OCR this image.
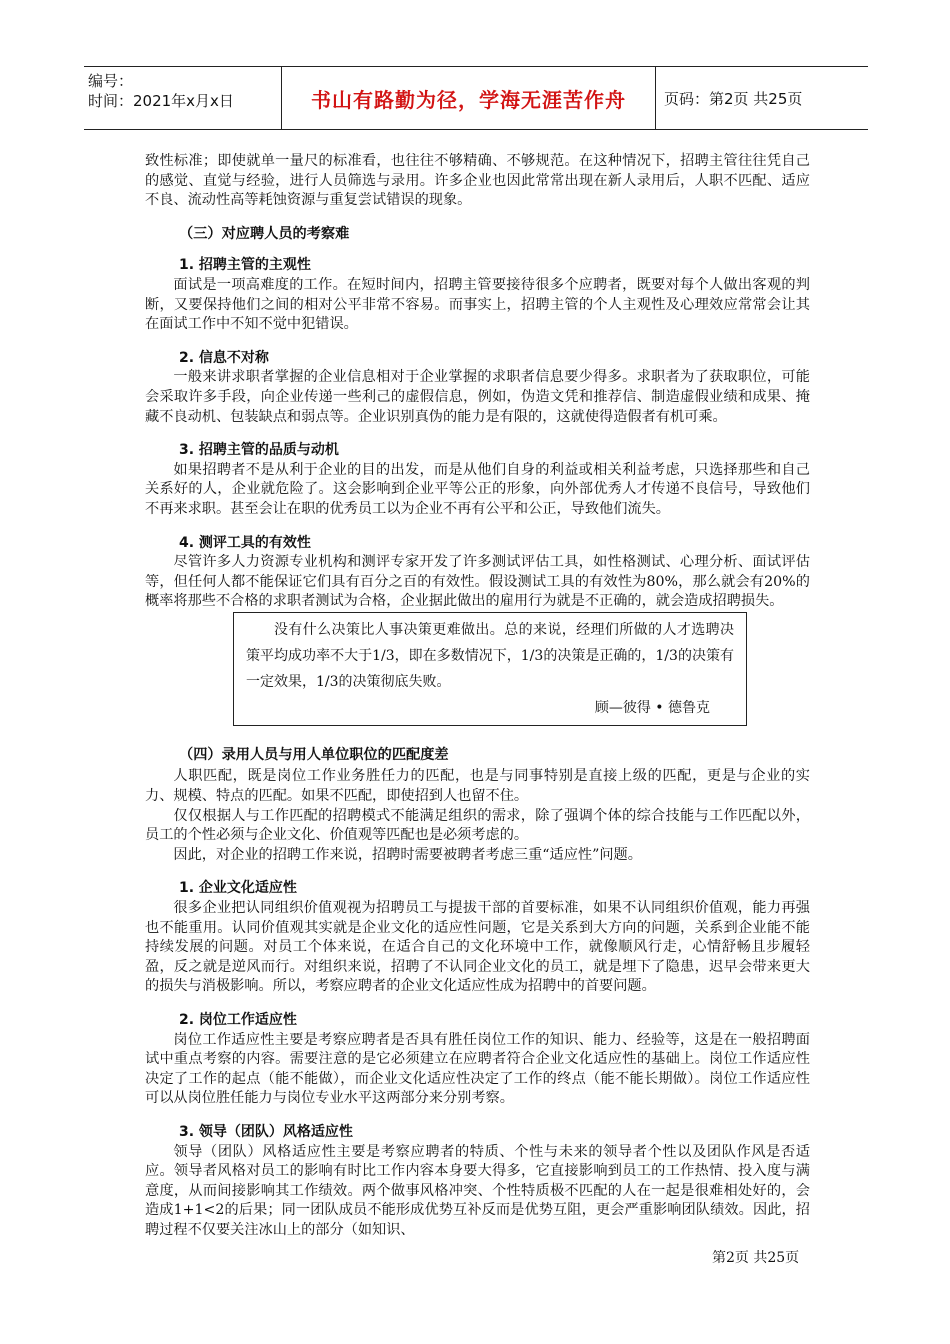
编号：
时间：2021年x月x日	书山有路勤为径，学海无涯苦作舟	页码：第2页 共25页

致性标准；即使就单一量尺的标准看，也往往不够精确、不够规范。在这种情况下，招聘主管往往凭自己的感觉、直觉与经验，进行人员筛选与录用。许多企业也因此常常出现在新人录用后，人职不匹配、适应不良、流动性高等耗蚀资源与重复尝试错误的现象。

（三）对应聘人员的考察难
1. 招聘主管的主观性

面试是一项高难度的工作。在短时间内，招聘主管要接待很多个应聘者，既要对每个人做出客观的判断，又要保持他们之间的相对公平非常不容易。而事实上，招聘主管的个人主观性及心理效应常常会让其在面试工作中不知不觉中犯错误。

2. 信息不对称

一般来讲求职者掌握的企业信息相对于企业掌握的求职者信息要少得多。求职者为了获取职位，可能会采取许多手段，向企业传递一些利己的虚假信息，例如，伪造文凭和推荐信、制造虚假业绩和成果、掩藏不良动机、包装缺点和弱点等。企业识别真伪的能力是有限的，这就使得造假者有机可乘。

3. 招聘主管的品质与动机

如果招聘者不是从利于企业的目的出发，而是从他们自身的利益或相关利益考虑，只选择那些和自己关系好的人，企业就危险了。这会影响到企业平等公正的形象，向外部优秀人才传递不良信号，导致他们不再来求职。甚至会让在职的优秀员工以为企业不再有公平和公正，导致他们流失。

4. 测评工具的有效性

尽管许多人力资源专业机构和测评专家开发了许多测试评估工具，如性格测试、心理分析、面试评估等，但任何人都不能保证它们具有百分之百的有效性。假设测试工具的有效性为80%，那么就会有20%的概率将那些不合格的求职者测试为合格，企业据此做出的雇用行为就是不正确的，就会造成招聘损失。

没有什么决策比人事决策更难做出。总的来说，经理们所做的人才选聘决策平均成功率不大于1/3，即在多数情况下，1/3的决策是正确的，1/3的决策有一定效果，1/3的决策彻底失败。

顾—彼得 • 德鲁克

（四）录用人员与用人单位职位的匹配度差

人职匹配，既是岗位工作业务胜任力的匹配，也是与同事特别是直接上级的匹配，更是与企业的实力、规模、特点的匹配。如果不匹配，即使招到人也留不住。

仅仅根据人与工作匹配的招聘模式不能满足组织的需求，除了强调个体的综合技能与工作匹配以外，员工的个性必须与企业文化、价值观等匹配也是必须考虑的。

因此，对企业的招聘工作来说，招聘时需要被聘者考虑三重“适应性”问题。

1. 企业文化适应性

很多企业把认同组织价值观视为招聘员工与提拔干部的首要标准，如果不认同组织价值观，能力再强也不能重用。认同价值观其实就是企业文化的适应性问题，它是关系到大方向的问题，关系到企业能不能持续发展的问题。对员工个体来说，在适合自己的文化环境中工作，就像顺风行走，心情舒畅且步履轻盈，反之就是逆风而行。对组织来说，招聘了不认同企业文化的员工，就是埋下了隐患，迟早会带来更大的损失与消极影响。所以，考察应聘者的企业文化适应性成为招聘中的首要问题。

2. 岗位工作适应性

岗位工作适应性主要是考察应聘者是否具有胜任岗位工作的知识、能力、经验等，这是在一般招聘面试中重点考察的内容。需要注意的是它必须建立在应聘者符合企业文化适应性的基础上。岗位工作适应性决定了工作的起点（能不能做），而企业文化适应性决定了工作的终点（能不能长期做）。岗位工作适应性可以从岗位胜任能力与岗位专业水平这两部分来分别考察。

3. 领导（团队）风格适应性

领导（团队）风格适应性主要是考察应聘者的特质、个性与未来的领导者个性以及团队作风是否适应。领导者风格对员工的影响有时比工作内容本身要大得多，它直接影响到员工的工作热情、投入度与满意度，从而间接影响其工作绩效。两个做事风格冲突、个性特质极不匹配的人在一起是很难相处好的，会造成1+1<2的后果；同一团队成员不能形成优势互补反而是优势互阻，更会严重影响团队绩效。因此，招聘过程不仅要关注冰山上的部分（如知识、

第2页 共25页
